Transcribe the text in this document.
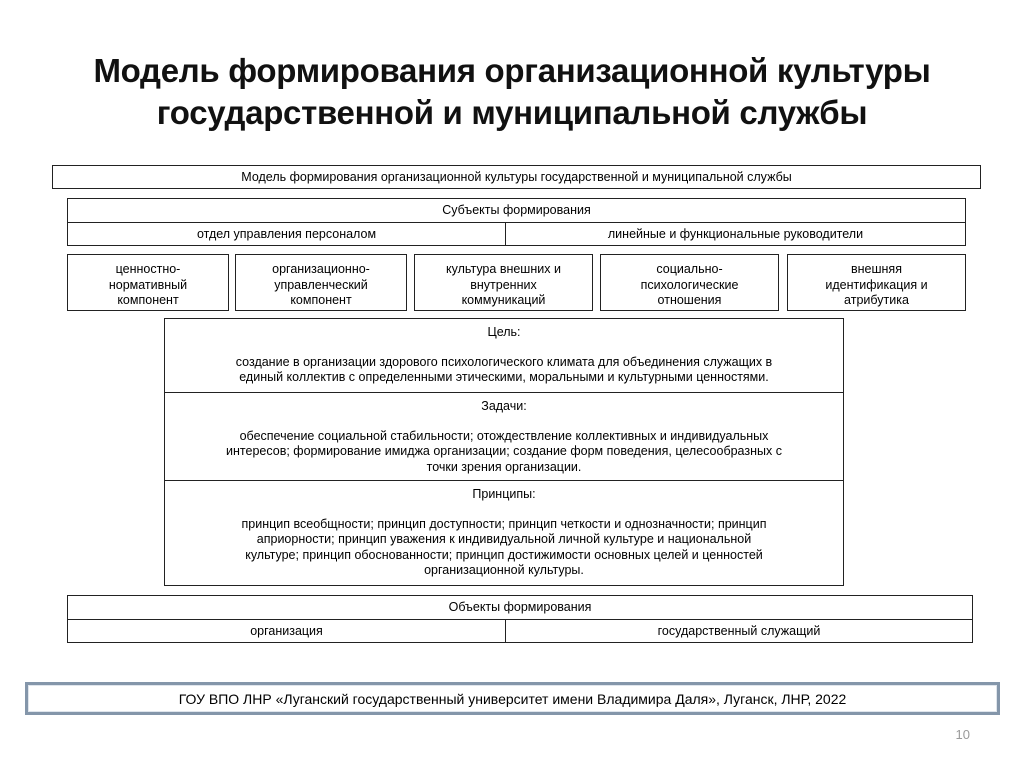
Модель формирования организационной культуры
государственной и муниципальной службы
Модель формирования организационной культуры государственной и муниципальной службы
Субъекты формирования
отдел управления персоналом	линейные и функциональные руководители
ценностно-
нормативный
компонент
организационно-
управленческий
компонент
культура внешних и
внутренних
коммуникаций
социально-
психологические
отношения
внешняя
идентификация и
атрибутика
Цель:
создание в организации здорового психологического климата для объединения служащих в
единый коллектив с определенными этическими, моральными и культурными ценностями.
Задачи:
обеспечение социальной стабильности; отождествление коллективных и индивидуальных
интересов; формирование имиджа организации; создание форм поведения, целесообразных с
точки зрения организации.
Принципы:
принцип всеобщности; принцип доступности; принцип четкости и однозначности; принцип
априорности; принцип уважения к индивидуальной личной культуре и национальной
культуре; принцип обоснованности; принцип достижимости основных целей и ценностей
организационной культуры.
Объекты формирования
организация	государственный служащий
ГОУ ВПО ЛНР «Луганский государственный университет имени Владимира Даля», Луганск, ЛНР, 2022
10
